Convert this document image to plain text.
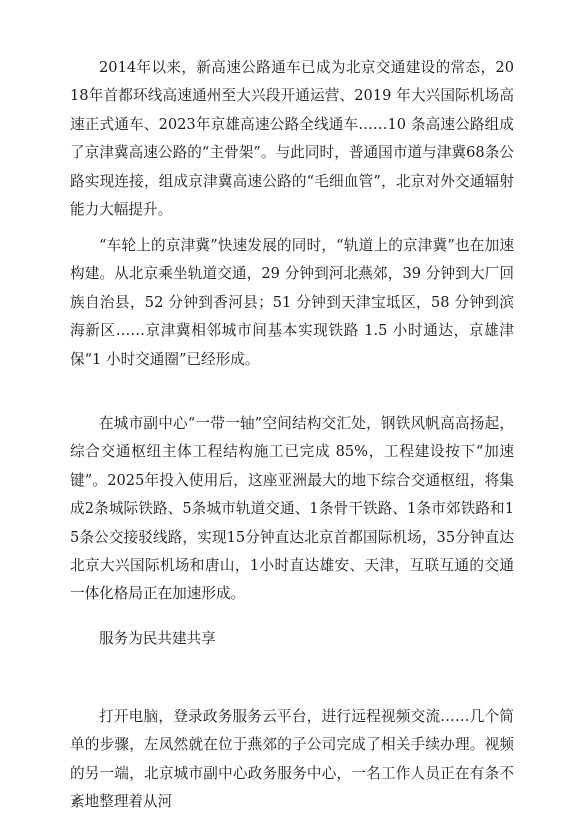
2014年以来，新高速公路通车已成为北京交通建设的常态，2018年首都环线高速通州至大兴段开通运营、2019 年大兴国际机场高速正式通车、2023年京雄高速公路全线通车……10 条高速公路组成了京津冀高速公路的“主骨架”。与此同时，普通国市道与津冀68条公路实现连接，组成京津冀高速公路的“毛细血管”，北京对外交通辐射能力大幅提升。

“车轮上的京津冀”快速发展的同时，“轨道上的京津冀”也在加速构建。从北京乘坐轨道交通，29 分钟到河北燕郊，39 分钟到大厂回族自治县，52 分钟到香河县；51 分钟到天津宝坻区，58 分钟到滨海新区……京津冀相邻城市间基本实现铁路 1.5 小时通达，京雄津保“1 小时交通圈”已经形成。

在城市副中心“一带一轴”空间结构交汇处，钢铁风帆高高扬起，综合交通枢纽主体工程结构施工已完成 85%，工程建设按下“加速键”。2025年投入使用后，这座亚洲最大的地下综合交通枢纽，将集成2条城际铁路、5条城市轨道交通、1条骨干铁路、1条市郊铁路和15条公交接驳线路，实现15分钟直达北京首都国际机场，35分钟直达北京大兴国际机场和唐山，1小时直达雄安、天津，互联互通的交通一体化格局正在加速形成。

服务为民共建共享

打开电脑，登录政务服务云平台，进行远程视频交流……几个简单的步骤，左凤然就在位于燕郊的子公司完成了相关手续办理。视频的另一端，北京城市副中心政务服务中心，一名工作人员正在有条不紊地整理着从河
